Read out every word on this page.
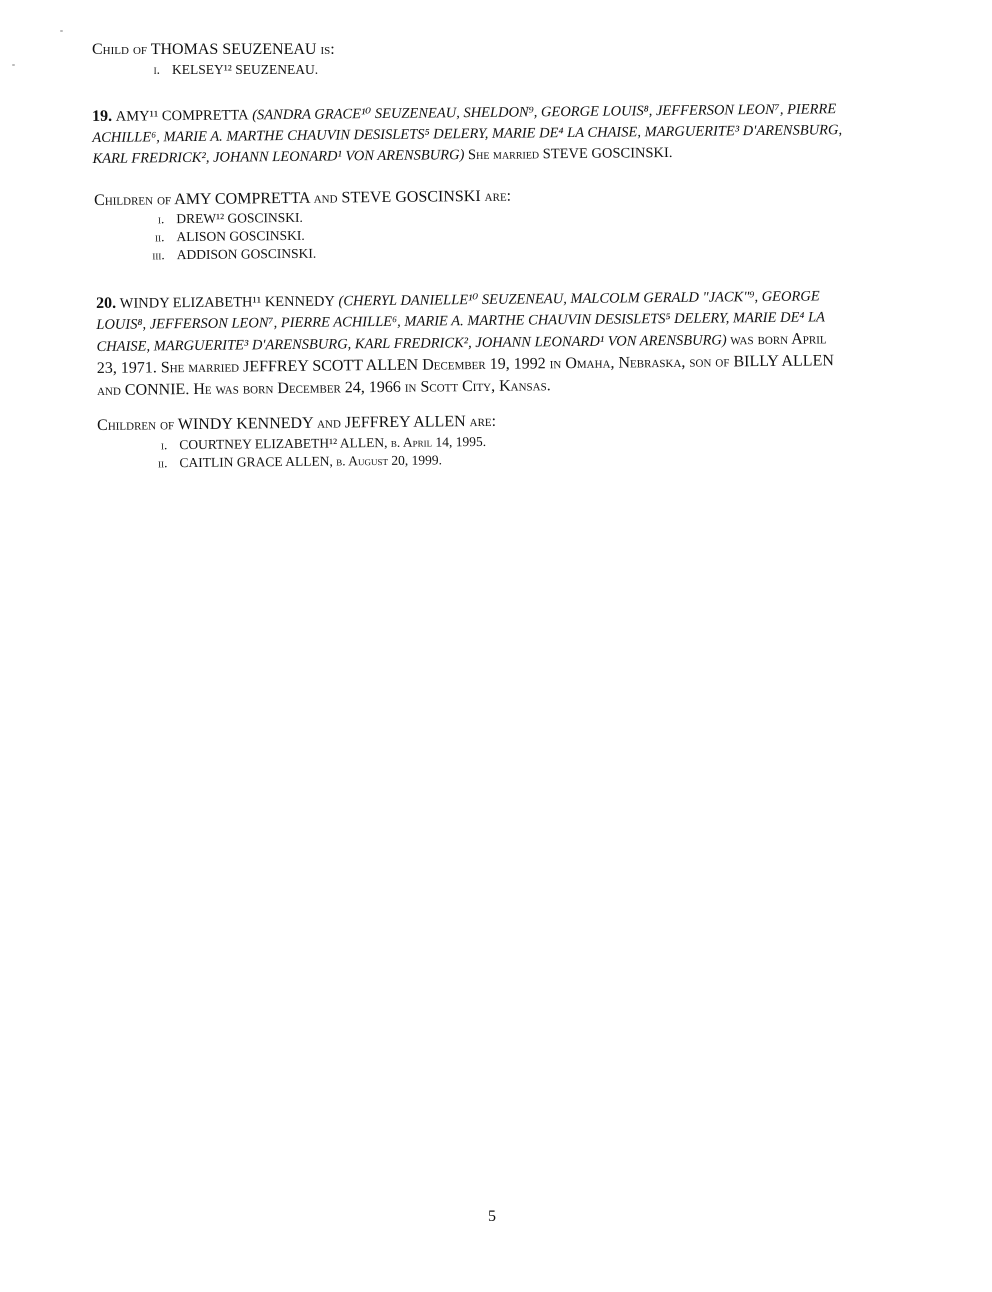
Child of THOMAS SEUZENEAU is:
i. KELSEY¹² SEUZENEAU.
19. AMY¹¹ COMPRETTA (SANDRA GRACE¹⁰ SEUZENEAU, SHELDON⁹, GEORGE LOUIS⁸, JEFFERSON LEON⁷, PIERRE ACHILLE⁶, MARIE A. MARTHE CHAUVIN DESISLETS⁵ DELERY, MARIE DE⁴ LA CHAISE, MARGUERITE³ D'ARENSBURG, KARL FREDRICK², JOHANN LEONARD¹ VON ARENSBURG) She married STEVE GOSCINSKI.
Children of AMY COMPRETTA and STEVE GOSCINSKI are:
i. DREW¹² GOSCINSKI.
ii. ALISON GOSCINSKI.
iii. ADDISON GOSCINSKI.
20. WINDY ELIZABETH¹¹ KENNEDY (CHERYL DANIELLE¹⁰ SEUZENEAU, MALCOLM GERALD "JACK"⁹, GEORGE LOUIS⁸, JEFFERSON LEON⁷, PIERRE ACHILLE⁶, MARIE A. MARTHE CHAUVIN DESISLETS⁵ DELERY, MARIE DE⁴ LA CHAISE, MARGUERITE³ D'ARENSBURG, KARL FREDRICK², JOHANN LEONARD¹ VON ARENSBURG) was born April 23, 1971. She married JEFFREY SCOTT ALLEN December 19, 1992 in Omaha, Nebraska, son of BILLY ALLEN and CONNIE. He was born December 24, 1966 in Scott City, Kansas.
Children of WINDY KENNEDY and JEFFREY ALLEN are:
i. COURTNEY ELIZABETH¹² ALLEN, b. April 14, 1995.
ii. CAITLIN GRACE ALLEN, b. August 20, 1999.
5
